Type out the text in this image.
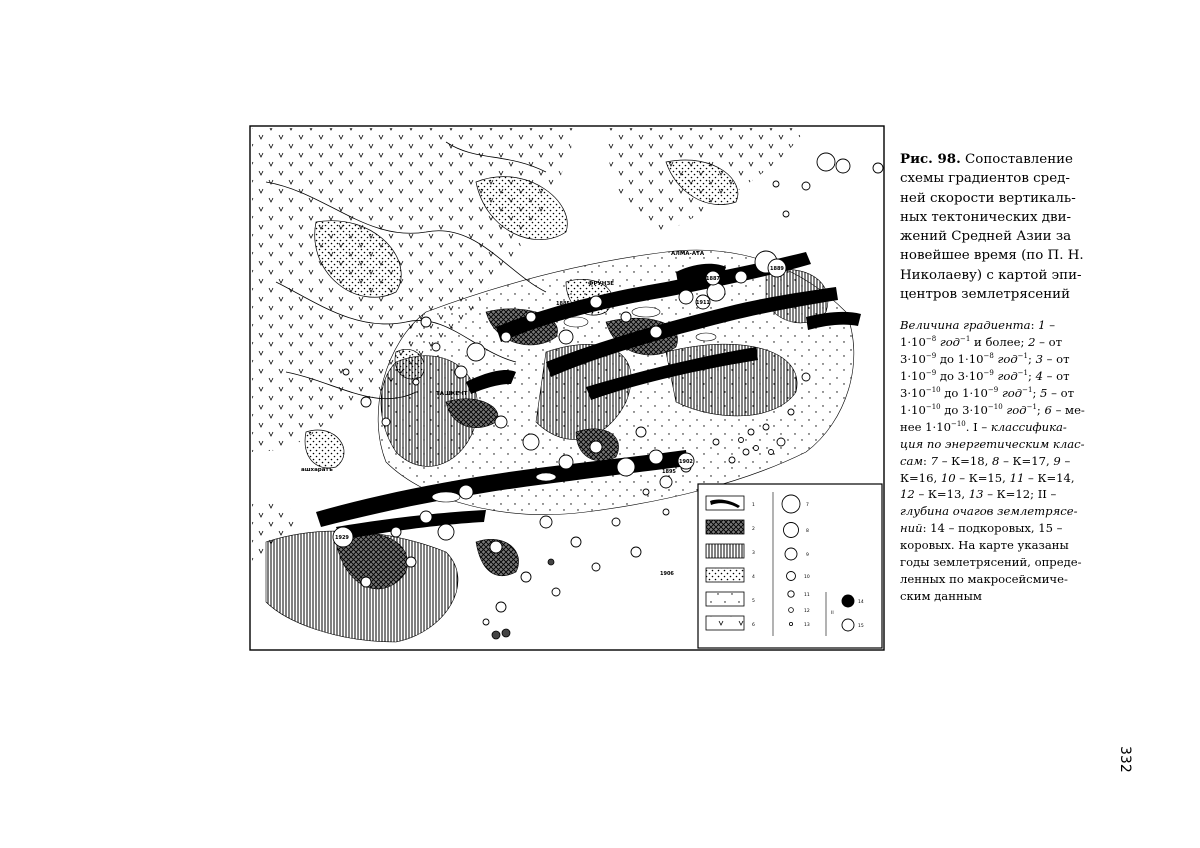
АЛМА-АТА
ФРУНЗЕ
ТАШКЕНТ
ашхаратъ
1889
1887
1911
1885
1902
1895
1929
1906
1
2
3
4
5
6
7
8
9
10
11
12
13
II
14
15

Рис. 98. Сопоставление схемы градиентов сред-ней скорости вертикаль-ных тектонических дви-жений Средней Азии за новейшее время (по П. Н. Николаеву) с картой эпи-центров землетрясений

Величина градиента: $1 - 1\cdot 10^{-8}$ год$^{-1}$ и более; 2 – от $3\cdot 10^{-9}$ до $1\cdot 10^{-8}$ год$^{-1}$; 3 – от $1\cdot 10^{-9}$ до $3\cdot 10^{-9}$ год$^{-1}$; 4 – от $3\cdot 10^{-10}$ до $1\cdot 10^{-9}$ год$^{-1}$; 5 – от $1\cdot 10^{-10}$ до $3\cdot 10^{-10}$ год$^{-1}$; 6 – ме-нее $1\cdot 10^{-10}$. I – классифика-ция по энергетическим клас-сам: 7 – К=18, 8 – К=17, 9 – К=16, 10 – К=15, 11 – К=14, 12 – К=13, 13 – К=12; II – глубина очагов землетрясе-ний: 14 – подкоровых, 15 – коровых. На карте указаны годы землетрясений, опреде-ленных по макросейсмиче-ским данным

332
